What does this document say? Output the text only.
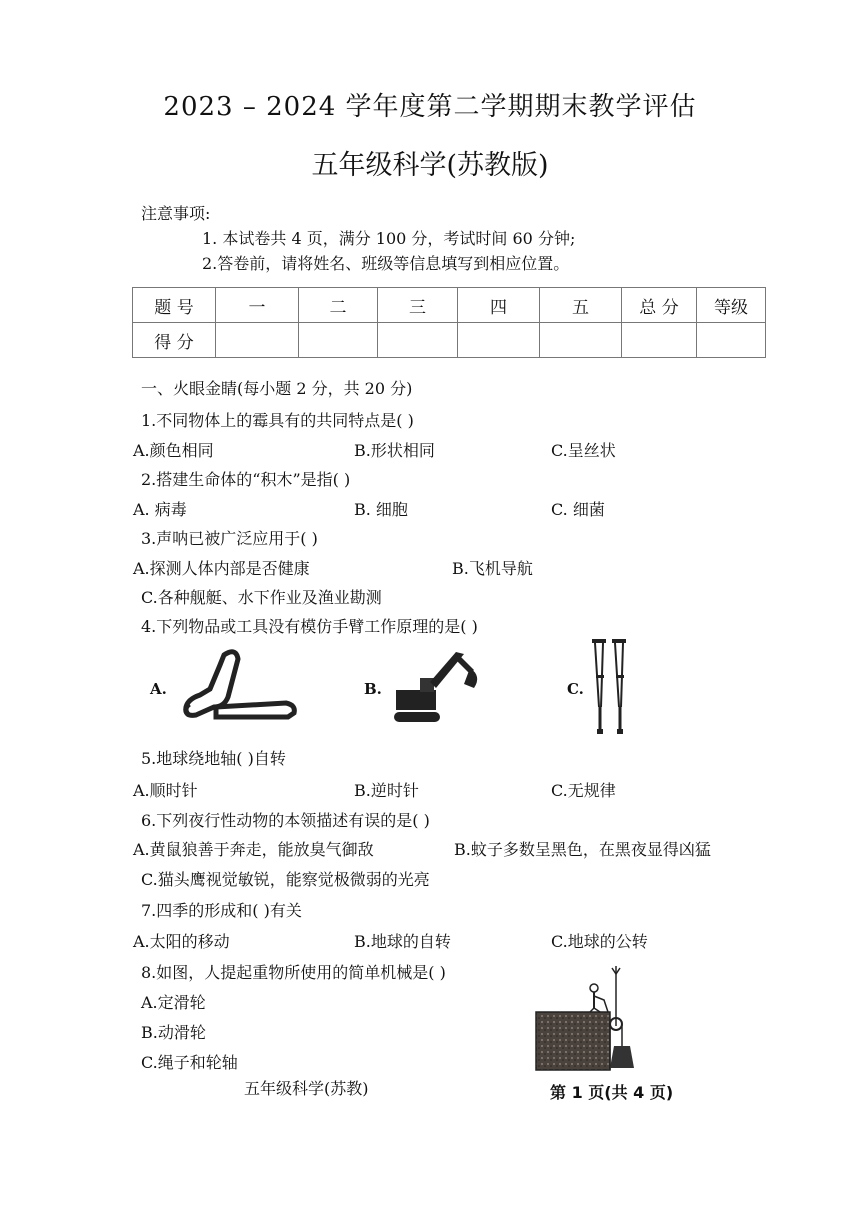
2023 – 2024 学年度第二学期期末教学评估
五年级科学(苏教版)
注意事项:
1. 本试卷共 4 页，满分 100 分，考试时间 60 分钟;
2.答卷前，请将姓名、班级等信息填写到相应位置。
题 号	一	二	三	四	五	总 分	等级
得 分							
一、火眼金睛(每小题 2 分，共 20 分)
1.不同物体上的霉具有的共同特点是( )
A.颜色相同	B.形状相同	C.呈丝状
2.搭建生命体的“积木”是指( )
A. 病毒	B. 细胞	C. 细菌
3.声呐已被广泛应用于( )
A.探测人体内部是否健康	B.飞机导航
C.各种舰艇、水下作业及渔业勘测
4.下列物品或工具没有模仿手臂工作原理的是( )
A.	B.	C.
5.地球绕地轴( )自转
A.顺时针	B.逆时针	C.无规律
6.下列夜行性动物的本领描述有误的是( )
A.黄鼠狼善于奔走，能放臭气御敌	B.蚊子多数呈黑色，在黑夜显得凶猛
C.猫头鹰视觉敏锐，能察觉极微弱的光亮
7.四季的形成和( )有关
A.太阳的移动	B.地球的自转	C.地球的公转
8.如图，人提起重物所使用的简单机械是( )
A.定滑轮
B.动滑轮
C.绳子和轮轴
五年级科学(苏教)	第 1 页(共 4 页)
